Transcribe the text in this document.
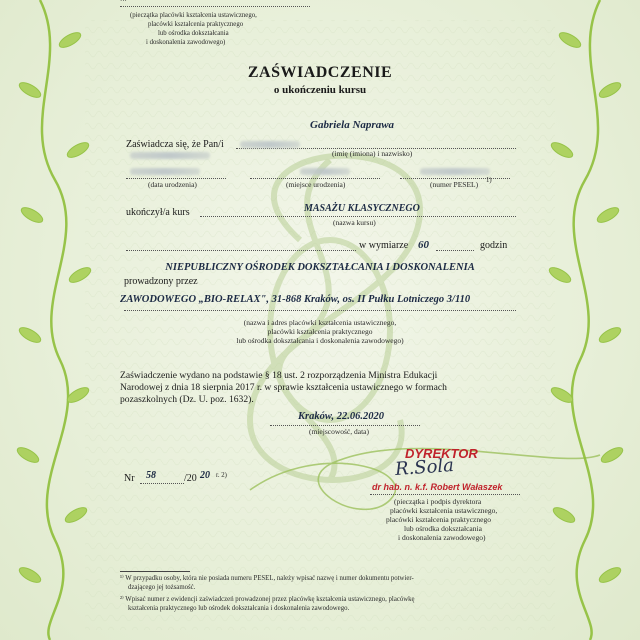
(pieczątka placówki kształcenia ustawicznego,
placówki kształcenia praktycznego
lub ośrodka dokształcania
i doskonalenia zawodowego)
ZAŚWIADCZENIE
o ukończeniu kursu
Gabriela Naprawa
Zaświadcza się, że Pan/i
(imię (imiona) i nazwisko)
(data urodzenia)	(miejsce urodzenia)	(numer PESEL) 1)
ukończył/a kurs	MASAŻU KLASYCZNEGO
(nazwa kursu)
w wymiarze 60	godzin
prowadzony przez
NIEPUBLICZNY OŚRODEK DOKSZTAŁCANIA I DOSKONALENIA
ZAWODOWEGO „BIO-RELAX", 31-868 Kraków, os. II Pułku Lotniczego 3/110
(nazwa i adres placówki kształcenia ustawicznego,
placówki kształcenia praktycznego
lub ośrodka dokształcania i doskonalenia zawodowego)
Zaświadczenie wydano na podstawie § 18 ust. 2 rozporządzenia Ministra Edukacji
Narodowej z dnia 18 sierpnia 2017 r. w sprawie kształcenia ustawicznego w formach
pozaszkolnych (Dz. U. poz. 1632).
Kraków, 22.06.2020
(miejscowość, data)
Nr 58	/20 20 r. 2)
DYREKTOR
R.Sola
dr hab. n. k.f. Robert Wałaszek
(pieczątka i podpis dyrektora
placówki kształcenia ustawicznego,
placówki kształcenia praktycznego
lub ośrodka dokształcania
i doskonalenia zawodowego)
¹⁾ W przypadku osoby, która nie posiada numeru PESEL, należy wpisać nazwę i numer dokumentu potwier-
dzającego jej tożsamość.
²⁾ Wpisać numer z ewidencji zaświadczeń prowadzonej przez placówkę kształcenia ustawicznego, placówkę
kształcenia praktycznego lub ośrodek dokształcania i doskonalenia zawodowego.
